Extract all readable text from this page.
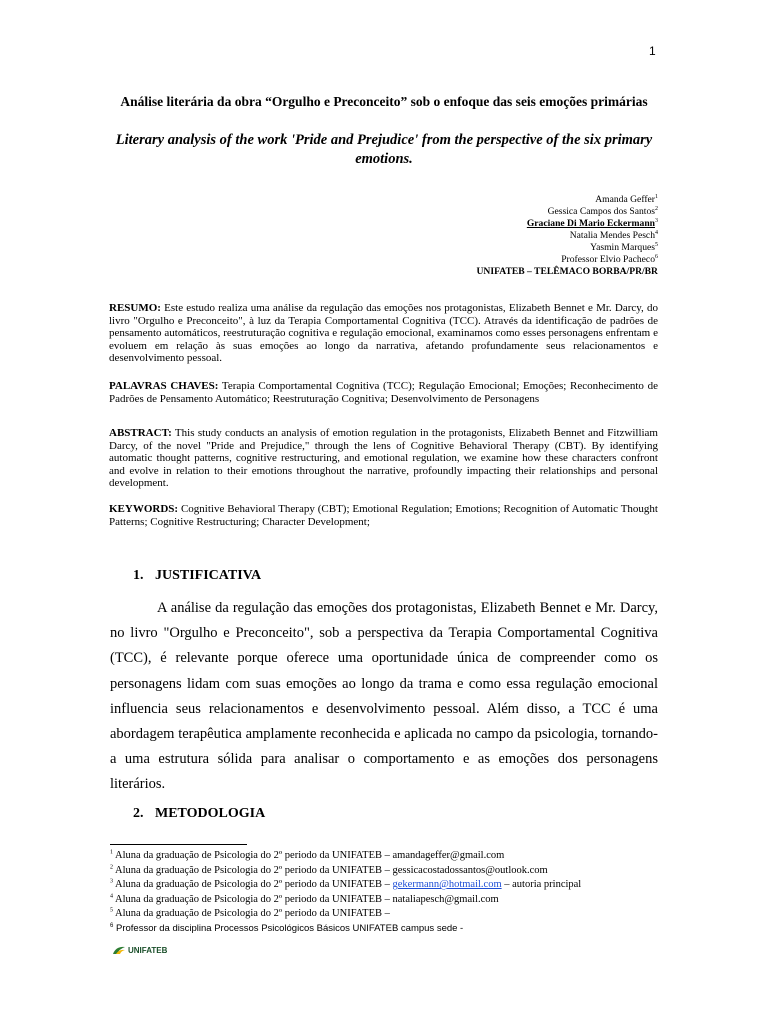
1
Análise literária da obra “Orgulho e Preconceito” sob o enfoque das seis emoções primárias
Literary analysis of the work 'Pride and Prejudice' from the perspective of the six primary emotions.
Amanda Geffer$^1$
Gessica Campos dos Santos$^2$
Graciane Di Mario Eckermann$^3$
Natalia Mendes Pesch$^4$
Yasmin Marques$^5$
Professor Elvio Pacheco$^6$
UNIFATEB – TELÊMACO BORBA/PR/BR
RESUMO: Este estudo realiza uma análise da regulação das emoções nos protagonistas, Elizabeth Bennet e Mr. Darcy, do livro "Orgulho e Preconceito", à luz da Terapia Comportamental Cognitiva (TCC). Através da identificação de padrões de pensamento automáticos, reestruturação cognitiva e regulação emocional, examinamos como esses personagens enfrentam e evoluem em relação às suas emoções ao longo da narrativa, afetando profundamente seus relacionamentos e desenvolvimento pessoal.
PALAVRAS CHAVES: Terapia Comportamental Cognitiva (TCC); Regulação Emocional; Emoções; Reconhecimento de Padrões de Pensamento Automático; Reestruturação Cognitiva; Desenvolvimento de Personagens
ABSTRACT: This study conducts an analysis of emotion regulation in the protagonists, Elizabeth Bennet and Fitzwilliam Darcy, of the novel "Pride and Prejudice," through the lens of Cognitive Behavioral Therapy (CBT). By identifying automatic thought patterns, cognitive restructuring, and emotional regulation, we examine how these characters confront and evolve in relation to their emotions throughout the narrative, profoundly impacting their relationships and personal development.
KEYWORDS: Cognitive Behavioral Therapy (CBT); Emotional Regulation; Emotions; Recognition of Automatic Thought Patterns; Cognitive Restructuring; Character Development;
1. JUSTIFICATIVA
A análise da regulação das emoções dos protagonistas, Elizabeth Bennet e Mr. Darcy, no livro "Orgulho e Preconceito", sob a perspectiva da Terapia Comportamental Cognitiva (TCC), é relevante porque oferece uma oportunidade única de compreender como os personagens lidam com suas emoções ao longo da trama e como essa regulação emocional influencia seus relacionamentos e desenvolvimento pessoal. Além disso, a TCC é uma abordagem terapêutica amplamente reconhecida e aplicada no campo da psicologia, tornando-a uma estrutura sólida para analisar o comportamento e as emoções dos personagens literários.
2. METODOLOGIA
$^1$ Aluna da graduação de Psicologia do 2º periodo da UNIFATEB – amandageffer@gmail.com
$^2$ Aluna da graduação de Psicologia do 2º periodo da UNIFATEB – gessicacostadossantos@outlook.com
$^3$ Aluna da graduação de Psicologia do 2º periodo da UNIFATEB – gekermann@hotmail.com – autoria principal
$^4$ Aluna da graduação de Psicologia do 2º periodo da UNIFATEB – nataliapesch@gmail.com
$^5$ Aluna da graduação de Psicologia do 2º periodo da UNIFATEB –
$^6$ Professor da disciplina Processos Psicológicos Básicos UNIFATEB campus sede -
UNIFATEB
